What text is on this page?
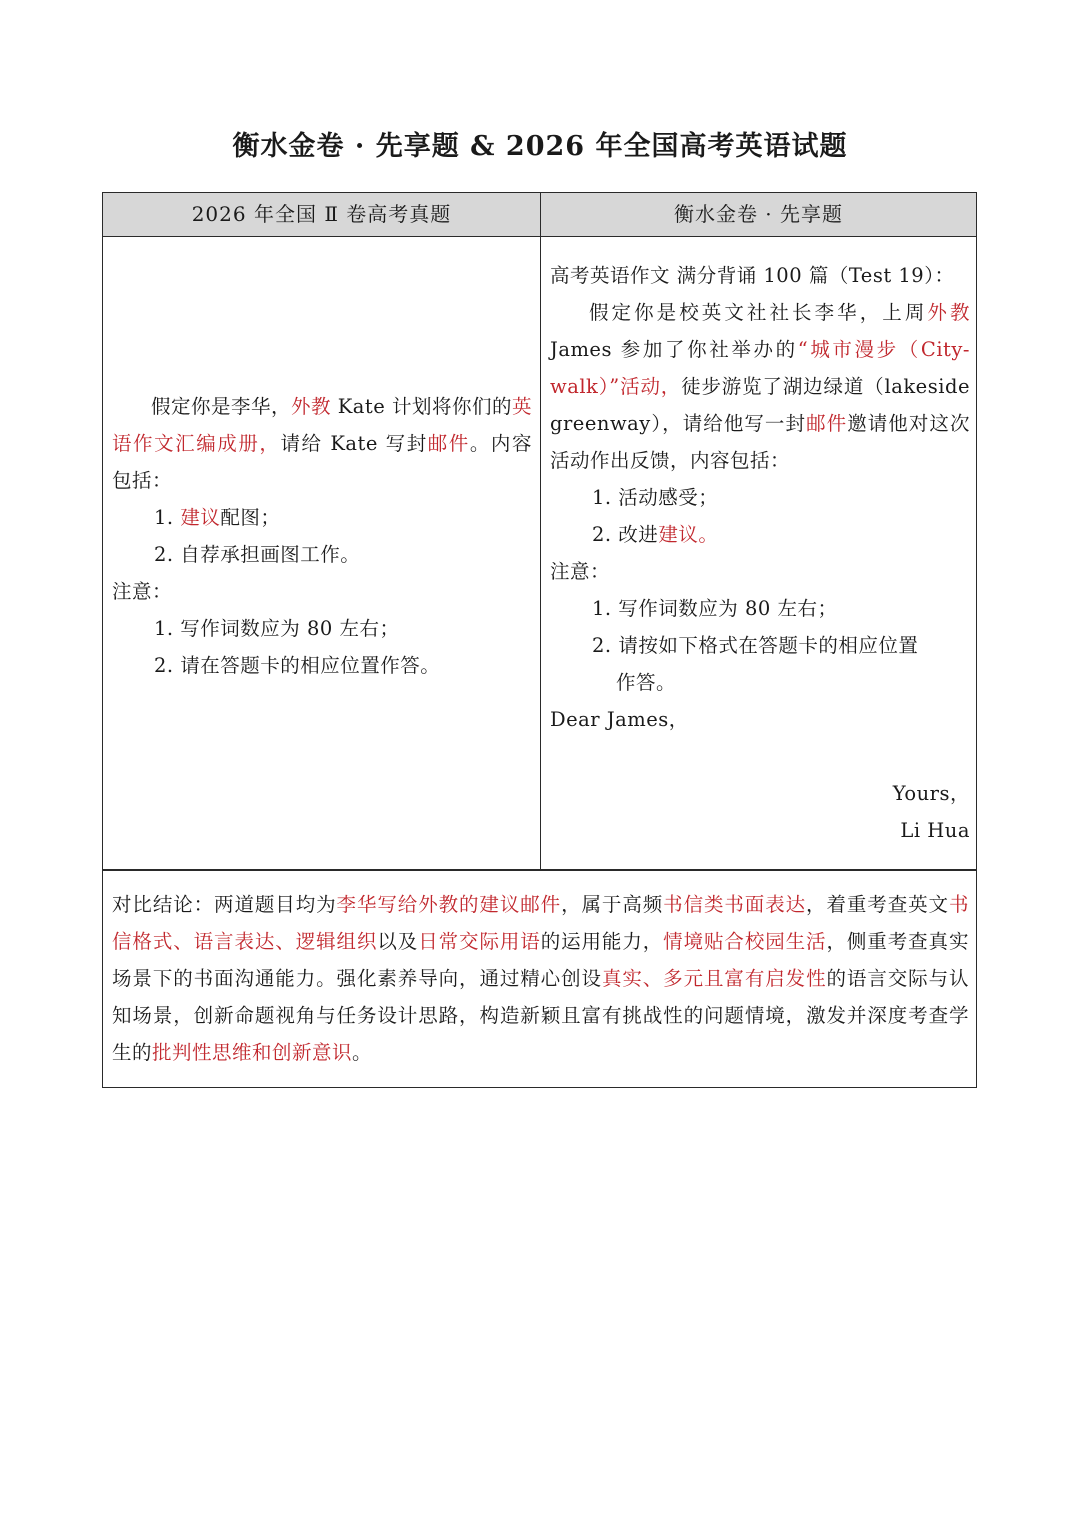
衡水金卷 · 先享题 & 2026 年全国高考英语试题
2026 年全国 Ⅱ 卷高考真题	衡水金卷 · 先享题

假定你是李华，外教 Kate 计划将你们的英语作文汇编成册，请给 Kate 写封邮件。内容包括：

1. 建议配图；

2. 自荐承担画图工作。

注意：

1. 写作词数应为 80 左右；

2. 请在答题卡的相应位置作答。

高考英语作文 满分背诵 100 篇（Test 19）：

假定你是校英文社社长李华，上周外教 James 参加了你社举办的“城市漫步（City-walk）”活动，徒步游览了湖边绿道（lakeside greenway），请给他写一封邮件邀请他对这次活动作出反馈，内容包括：

1. 活动感受；

2. 改进建议。

注意：

1. 写作词数应为 80 左右；

2. 请按如下格式在答题卡的相应位置
作答。

Dear James，

Yours，

Li Hua

对比结论：两道题目均为李华写给外教的建议邮件，属于高频书信类书面表达，着重考查英文书信格式、语言表达、逻辑组织以及日常交际用语的运用能力，情境贴合校园生活，侧重考查真实场景下的书面沟通能力。强化素养导向，通过精心创设真实、多元且富有启发性的语言交际与认知场景，创新命题视角与任务设计思路，构造新颖且富有挑战性的问题情境，激发并深度考查学生的批判性思维和创新意识。
